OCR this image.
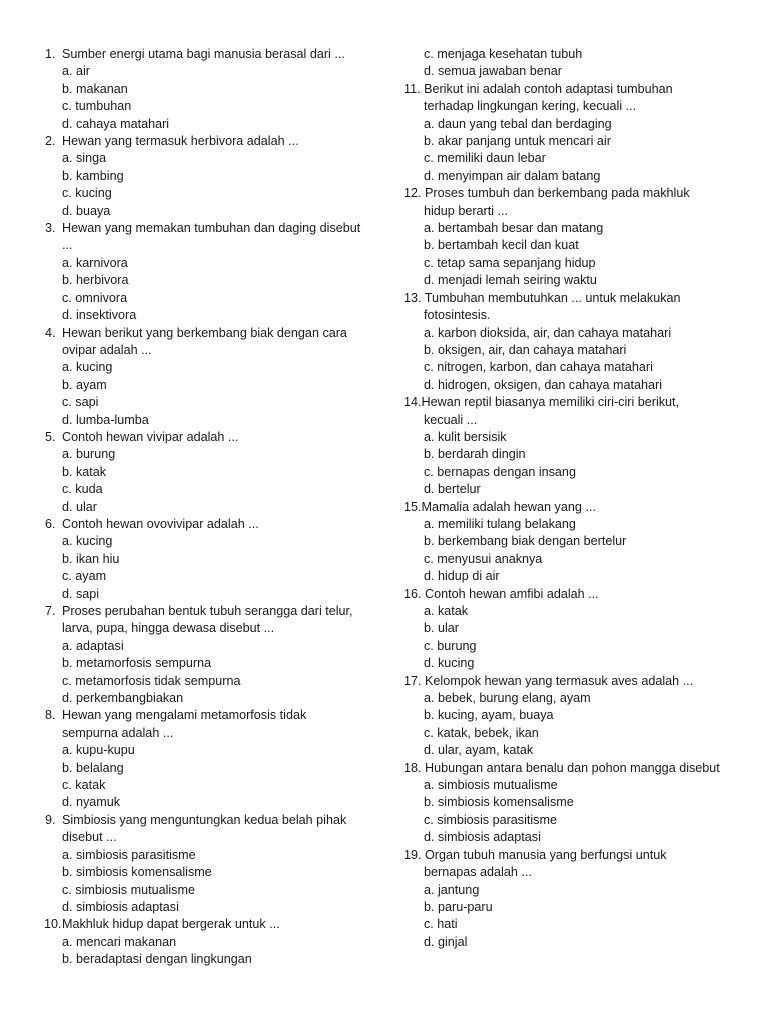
1. Sumber energi utama bagi manusia berasal dari ...
a. air
b. makanan
c. tumbuhan
d. cahaya matahari
2. Hewan yang termasuk herbivora adalah ...
a. singa
b. kambing
c. kucing
d. buaya
3. Hewan yang memakan tumbuhan dan daging disebut
...
a. karnivora
b. herbivora
c. omnivora
d. insektivora
4. Hewan berikut yang berkembang biak dengan cara
ovipar adalah ...
a. kucing
b. ayam
c. sapi
d. lumba-lumba
5. Contoh hewan vivipar adalah ...
a. burung
b. katak
c. kuda
d. ular
6. Contoh hewan ovovivipar adalah ...
a. kucing
b. ikan hiu
c. ayam
d. sapi
7. Proses perubahan bentuk tubuh serangga dari telur,
larva, pupa, hingga dewasa disebut ...
a. adaptasi
b. metamorfosis sempurna
c. metamorfosis tidak sempurna
d. perkembangbiakan
8. Hewan yang mengalami metamorfosis tidak
sempurna adalah ...
a. kupu-kupu
b. belalang
c. katak
d. nyamuk
9. Simbiosis yang menguntungkan kedua belah pihak
disebut ...
a. simbiosis parasitisme
b. simbiosis komensalisme
c. simbiosis mutualisme
d. simbiosis adaptasi
10. Makhluk hidup dapat bergerak untuk ...
a. mencari makanan
b. beradaptasi dengan lingkungan
c. menjaga kesehatan tubuh
d. semua jawaban benar
11. Berikut ini adalah contoh adaptasi tumbuhan
terhadap lingkungan kering, kecuali ...
a. daun yang tebal dan berdaging
b. akar panjang untuk mencari air
c. memiliki daun lebar
d. menyimpan air dalam batang
12. Proses tumbuh dan berkembang pada makhluk
hidup berarti ...
a. bertambah besar dan matang
b. bertambah kecil dan kuat
c. tetap sama sepanjang hidup
d. menjadi lemah seiring waktu
13. Tumbuhan membutuhkan ... untuk melakukan
fotosintesis.
a. karbon dioksida, air, dan cahaya matahari
b. oksigen, air, dan cahaya matahari
c. nitrogen, karbon, dan cahaya matahari
d. hidrogen, oksigen, dan cahaya matahari
14.Hewan reptil biasanya memiliki ciri-ciri berikut,
kecuali ...
a. kulit bersisik
b. berdarah dingin
c. bernapas dengan insang
d. bertelur
15.Mamalia adalah hewan yang ...
a. memiliki tulang belakang
b. berkembang biak dengan bertelur
c. menyusui anaknya
d. hidup di air
16. Contoh hewan amfibi adalah ...
a. katak
b. ular
c. burung
d. kucing
17. Kelompok hewan yang termasuk aves adalah ...
a. bebek, burung elang, ayam
b. kucing, ayam, buaya
c. katak, bebek, ikan
d. ular, ayam, katak
18. Hubungan antara benalu dan pohon mangga disebut
a. simbiosis mutualisme
b. simbiosis komensalisme
c. simbiosis parasitisme
d. simbiosis adaptasi
19. Organ tubuh manusia yang berfungsi untuk
bernapas adalah ...
a. jantung
b. paru-paru
c. hati
d. ginjal
